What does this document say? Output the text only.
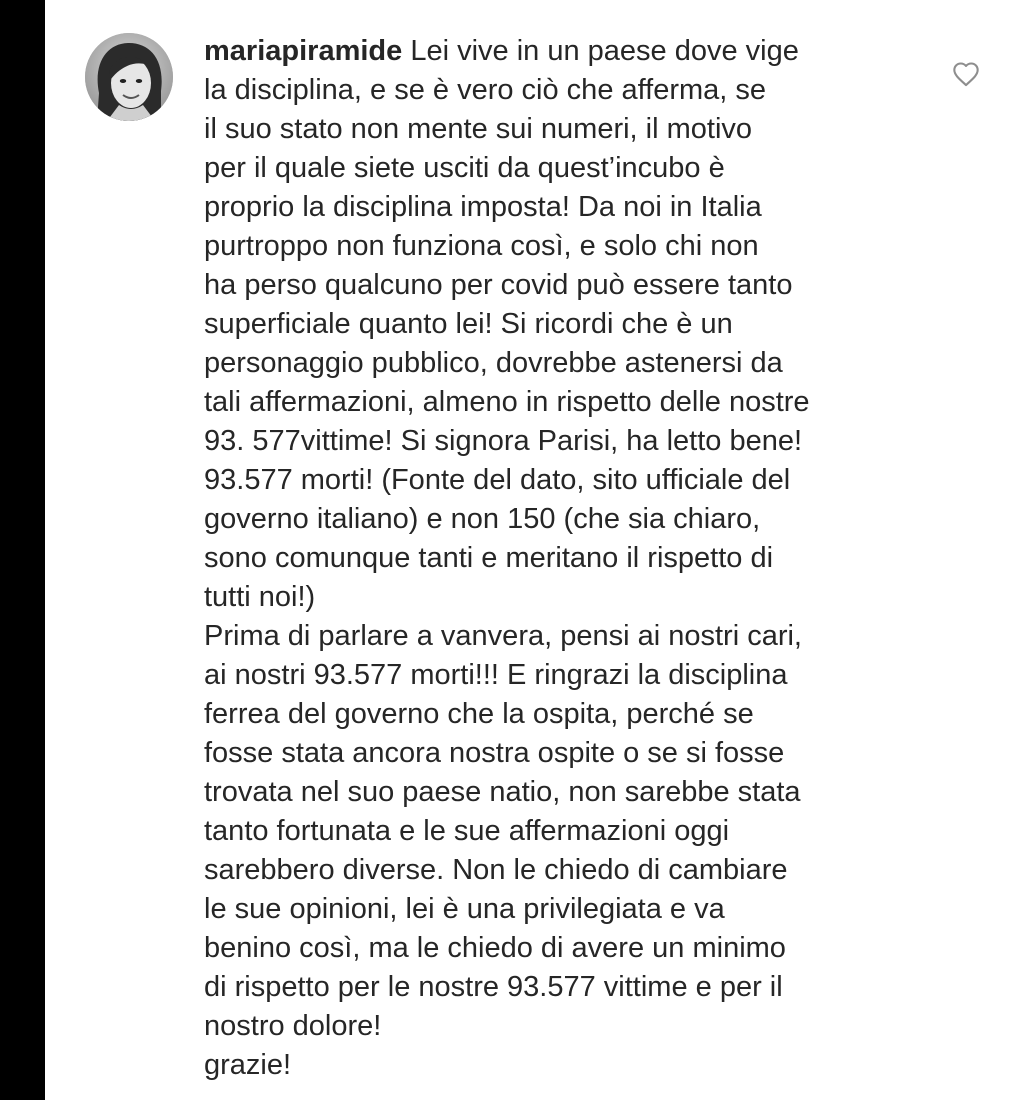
mariapiramide Lei vive in un paese dove vige
la disciplina, e se è vero ciò che afferma, se
il suo stato non mente sui numeri, il motivo
per il quale siete usciti da quest’incubo è
proprio la disciplina imposta! Da noi in Italia
purtroppo non funziona così, e solo chi non
ha perso qualcuno per covid può essere tanto
superficiale quanto lei! Si ricordi che è un
personaggio pubblico, dovrebbe astenersi da
tali affermazioni, almeno in rispetto delle nostre
93. 577vittime! Si signora Parisi, ha letto bene!
93.577 morti! (Fonte del dato, sito ufficiale del
governo italiano) e non 150 (che sia chiaro,
sono comunque tanti e meritano il rispetto di
tutti noi!)
Prima di parlare a vanvera, pensi ai nostri cari,
ai nostri 93.577 morti!!! E ringrazi la disciplina
ferrea del governo che la ospita, perché se
fosse stata ancora nostra ospite o se si fosse
trovata nel suo paese natio, non sarebbe stata
tanto fortunata e le sue affermazioni oggi
sarebbero diverse. Non le chiedo di cambiare
le sue opinioni, lei è una privilegiata e va
benino così, ma le chiedo di avere un minimo
di rispetto per le nostre 93.577 vittime e per il
nostro dolore!
grazie!
